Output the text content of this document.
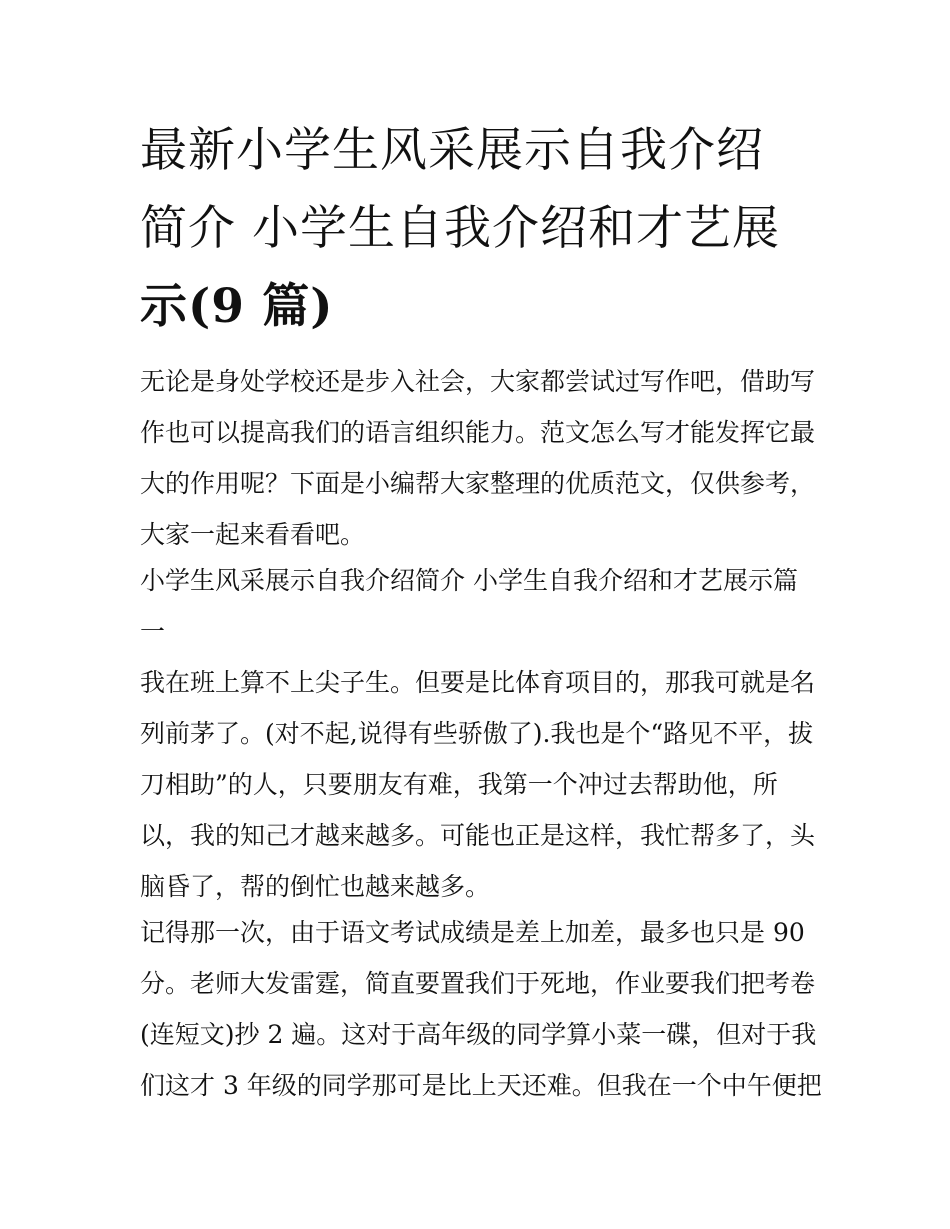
最新小学生风采展示自我介绍
简介 小学生自我介绍和才艺展
示(9 篇)
无论是身处学校还是步入社会，大家都尝试过写作吧，借助写
作也可以提高我们的语言组织能力。范文怎么写才能发挥它最
大的作用呢？下面是小编帮大家整理的优质范文，仅供参考，
大家一起来看看吧。
小学生风采展示自我介绍简介 小学生自我介绍和才艺展示篇
一
我在班上算不上尖子生。但要是比体育项目的，那我可就是名
列前茅了。(对不起,说得有些骄傲了).我也是个“路见不平，拔
刀相助”的人，只要朋友有难，我第一个冲过去帮助他，所
以，我的知己才越来越多。可能也正是这样，我忙帮多了，头
脑昏了，帮的倒忙也越来越多。
记得那一次，由于语文考试成绩是差上加差，最多也只是 90
分。老师大发雷霆，简直要置我们于死地，作业要我们把考卷
(连短文)抄 2 遍。这对于高年级的同学算小菜一碟，但对于我
们这才 3 年级的同学那可是比上天还难。但我在一个中午便把
